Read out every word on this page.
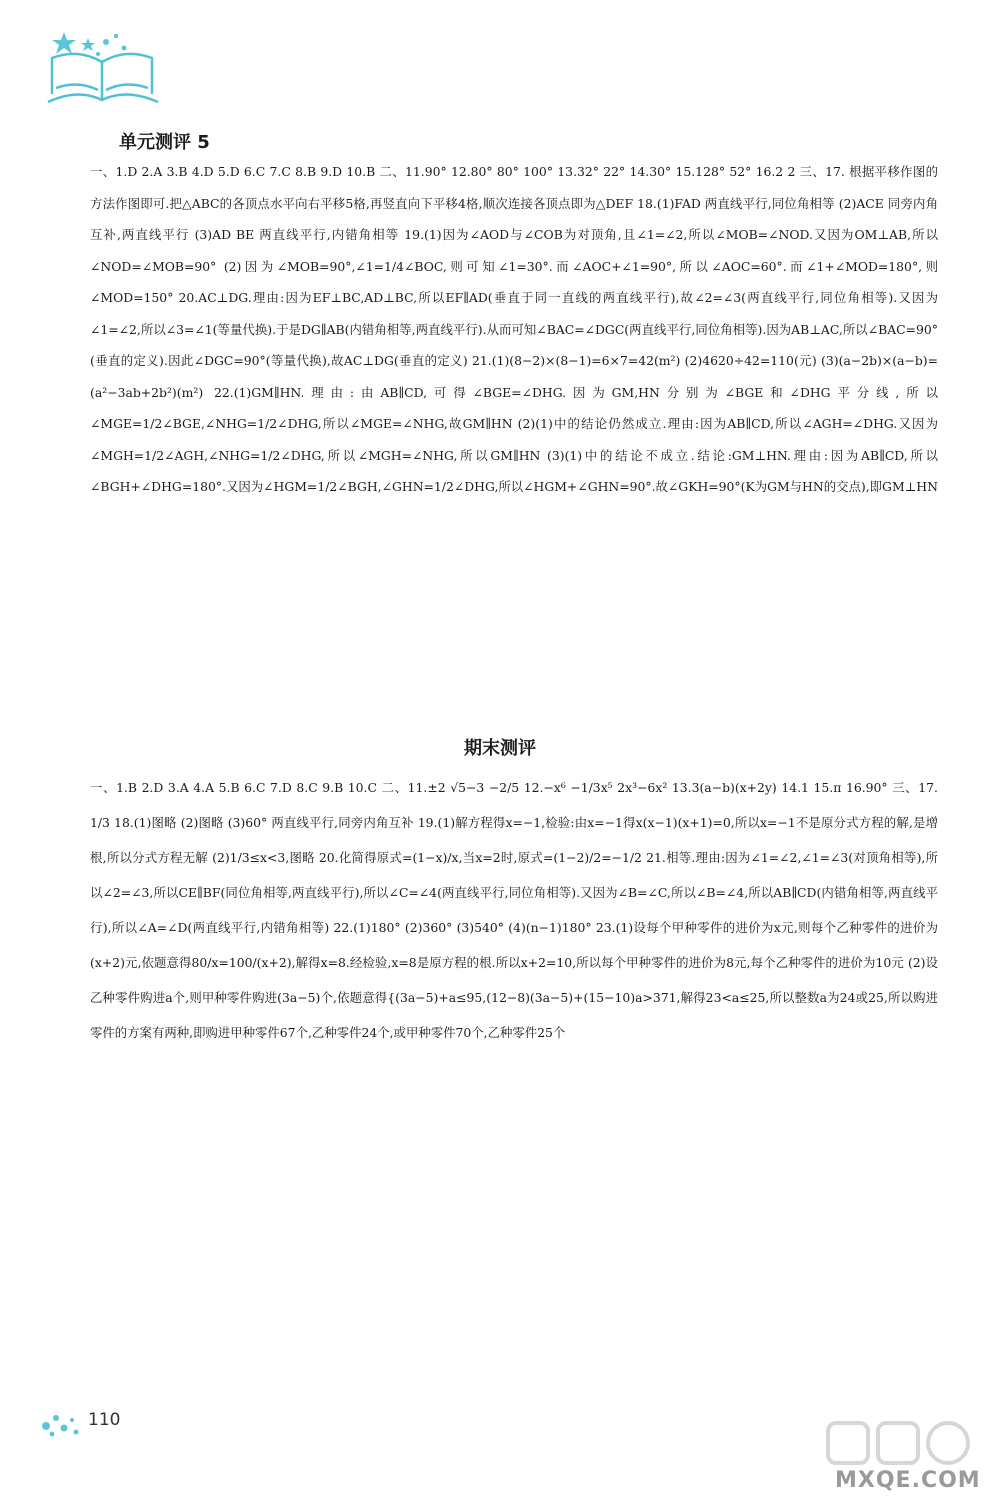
单元测评 5

一、1.D 2.A 3.B 4.D 5.D 6.C 7.C 8.B 9.D 10.B 二、11.90° 12.80° 80° 100° 13.32° 22° 14.30° 15.128° 52° 16.2 2 三、17. 根据平移作图的方法作图即可.把△ABC的各顶点水平向右平移5格,再竖直向下平移4格,顺次连接各顶点即为△DEF 18.(1)FAD 两直线平行,同位角相等 (2)ACE 同旁内角互补,两直线平行 (3)AD BE 两直线平行,内错角相等 19.(1)因为∠AOD与∠COB为对顶角,且∠1=∠2,所以∠MOB=∠NOD.又因为OM⊥AB,所以∠NOD=∠MOB=90° (2)因为∠MOB=90°,∠1=1/4∠BOC,则可知∠1=30°.而∠AOC+∠1=90°,所以∠AOC=60°.而∠1+∠MOD=180°,则∠MOD=150° 20.AC⊥DG.理由:因为EF⊥BC,AD⊥BC,所以EF∥AD(垂直于同一直线的两直线平行),故∠2=∠3(两直线平行,同位角相等).又因为∠1=∠2,所以∠3=∠1(等量代换).于是DG∥AB(内错角相等,两直线平行).从而可知∠BAC=∠DGC(两直线平行,同位角相等).因为AB⊥AC,所以∠BAC=90°(垂直的定义).因此∠DGC=90°(等量代换),故AC⊥DG(垂直的定义) 21.(1)(8−2)×(8−1)=6×7=42(m²) (2)4620÷42=110(元) (3)(a−2b)×(a−b)=(a²−3ab+2b²)(m²) 22.(1)GM∥HN.理由:由AB∥CD,可得∠BGE=∠DHG.因为GM,HN分别为∠BGE和∠DHG平分线,所以∠MGE=1/2∠BGE,∠NHG=1/2∠DHG,所以∠MGE=∠NHG,故GM∥HN (2)(1)中的结论仍然成立.理由:因为AB∥CD,所以∠AGH=∠DHG.又因为∠MGH=1/2∠AGH,∠NHG=1/2∠DHG,所以∠MGH=∠NHG,所以GM∥HN (3)(1)中的结论不成立.结论:GM⊥HN.理由:因为AB∥CD,所以∠BGH+∠DHG=180°.又因为∠HGM=1/2∠BGH,∠GHN=1/2∠DHG,所以∠HGM+∠GHN=90°.故∠GKH=90°(K为GM与HN的交点),即GM⊥HN

期末测评

一、1.B 2.D 3.A 4.A 5.B 6.C 7.D 8.C 9.B 10.C 二、11.±2 √5−3 −2/5 12.−x⁶ −1/3x⁵ 2x³−6x² 13.3(a−b)(x+2y) 14.1 15.π 16.90° 三、17. 1/3 18.(1)图略 (2)图略 (3)60° 两直线平行,同旁内角互补 19.(1)解方程得x=−1,检验:由x=−1得x(x−1)(x+1)=0,所以x=−1不是原分式方程的解,是增根,所以分式方程无解 (2)1/3≤x<3,图略 20.化简得原式=(1−x)/x,当x=2时,原式=(1−2)/2=−1/2 21.相等.理由:因为∠1=∠2,∠1=∠3(对顶角相等),所以∠2=∠3,所以CE∥BF(同位角相等,两直线平行),所以∠C=∠4(两直线平行,同位角相等).又因为∠B=∠C,所以∠B=∠4,所以AB∥CD(内错角相等,两直线平行),所以∠A=∠D(两直线平行,内错角相等) 22.(1)180° (2)360° (3)540° (4)(n−1)180° 23.(1)设每个甲种零件的进价为x元,则每个乙种零件的进价为(x+2)元,依题意得80/x=100/(x+2),解得x=8.经检验,x=8是原方程的根.所以x+2=10,所以每个甲种零件的进价为8元,每个乙种零件的进价为10元 (2)设乙种零件购进a个,则甲种零件购进(3a−5)个,依题意得{(3a−5)+a≤95,(12−8)(3a−5)+(15−10)a>371,解得23<a≤25,所以整数a为24或25,所以购进零件的方案有两种,即购进甲种零件67个,乙种零件24个,或甲种零件70个,乙种零件25个

110
MXQE.COM
